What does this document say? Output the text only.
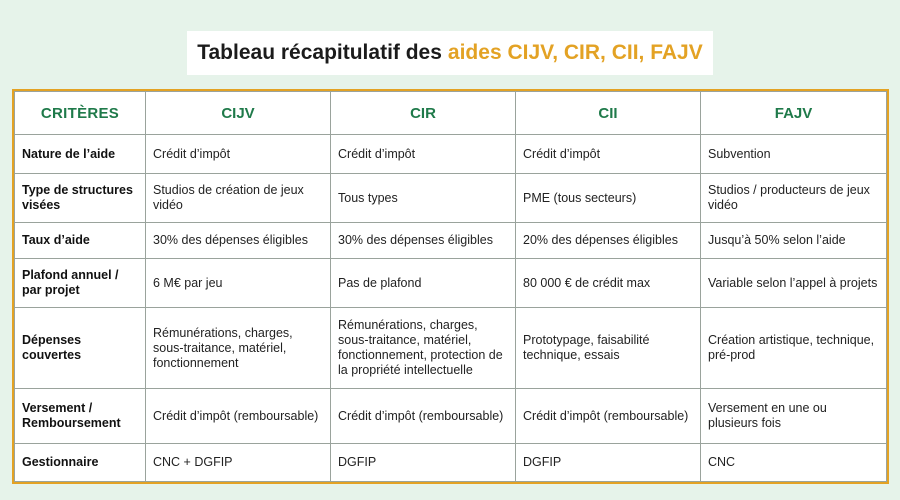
Tableau récapitulatif des aides CIJV, CIR, CII, FAJV
CRITÈRES	CIJV	CIR	CII	FAJV
Nature de l’aide	Crédit d’impôt	Crédit d’impôt	Crédit d’impôt	Subvention
Type de structures visées	Studios de création de jeux vidéo	Tous types	PME (tous secteurs)	Studios / producteurs de jeux vidéo
Taux d’aide	30% des dépenses éligibles	30% des dépenses éligibles	20% des dépenses éligibles	Jusqu’à 50% selon l’aide
Plafond annuel / par projet	6 M€ par jeu	Pas de plafond	80 000 € de crédit max	Variable selon l’appel à projets
Dépenses couvertes	Rémunérations, charges, sous-traitance, matériel, fonctionnement	Rémunérations, charges, sous-traitance, matériel, fonctionnement, protection de la propriété intellectuelle	Prototypage, faisabilité technique, essais	Création artistique, technique, pré-prod
Versement / Remboursement	Crédit d’impôt (remboursable)	Crédit d’impôt (remboursable)	Crédit d’impôt (remboursable)	Versement en une ou plusieurs fois
Gestionnaire	CNC + DGFIP	DGFIP	DGFIP	CNC
